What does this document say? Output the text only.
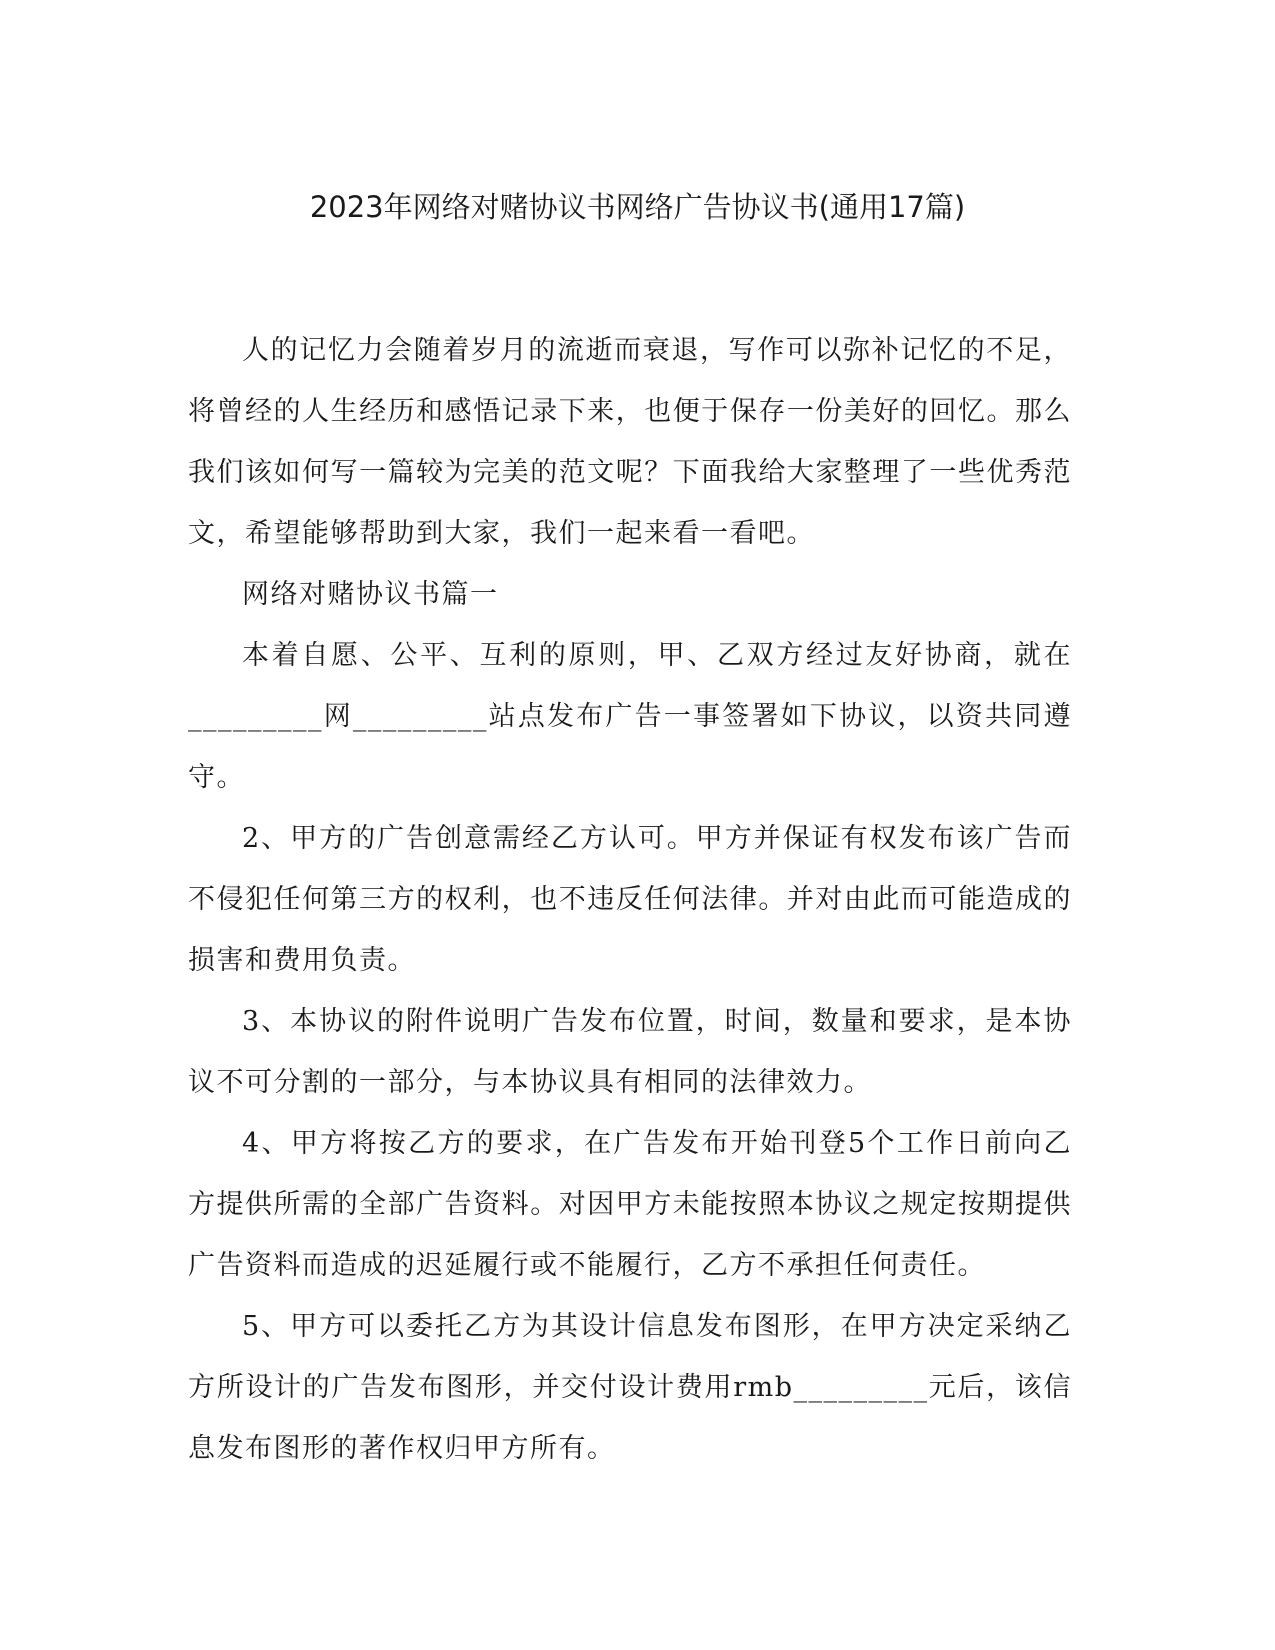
2023年网络对赌协议书网络广告协议书(通用17篇)

人的记忆力会随着岁月的流逝而衰退，写作可以弥补记忆的不足，将曾经的人生经历和感悟记录下来，也便于保存一份美好的回忆。那么我们该如何写一篇较为完美的范文呢？下面我给大家整理了一些优秀范文，希望能够帮助到大家，我们一起来看一看吧。

网络对赌协议书篇一

本着自愿、公平、互利的原则，甲、乙双方经过友好协商，就在_________网_________站点发布广告一事签署如下协议，以资共同遵守。

2、甲方的广告创意需经乙方认可。甲方并保证有权发布该广告而不侵犯任何第三方的权利，也不违反任何法律。并对由此而可能造成的损害和费用负责。

3、本协议的附件说明广告发布位置，时间，数量和要求，是本协议不可分割的一部分，与本协议具有相同的法律效力。

4、甲方将按乙方的要求，在广告发布开始刊登5个工作日前向乙方提供所需的全部广告资料。对因甲方未能按照本协议之规定按期提供广告资料而造成的迟延履行或不能履行，乙方不承担任何责任。

5、甲方可以委托乙方为其设计信息发布图形，在甲方决定采纳乙方所设计的广告发布图形，并交付设计费用rmb_________元后，该信息发布图形的著作权归甲方所有。
